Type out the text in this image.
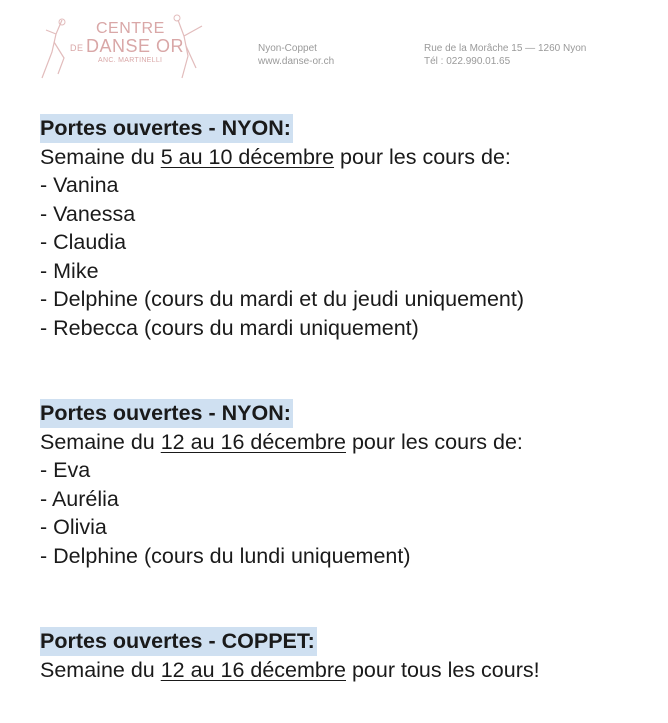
CENTRE
DE DANSE OR
ANC. MARTINELLI
Nyon-Coppet
www.danse-or.ch
Rue de la Morâche 15 — 1260 Nyon
Tél : 022.990.01.65
Portes ouvertes - NYON:
Semaine du 5 au 10 décembre pour les cours de:
- Vanina
- Vanessa
- Claudia
- Mike
- Delphine (cours du mardi et du jeudi uniquement)
- Rebecca (cours du mardi uniquement)
Portes ouvertes - NYON:
Semaine du 12 au 16 décembre pour les cours de:
- Eva
- Aurélia
- Olivia
- Delphine (cours du lundi uniquement)
Portes ouvertes - COPPET:
Semaine du 12 au 16 décembre pour tous les cours!
